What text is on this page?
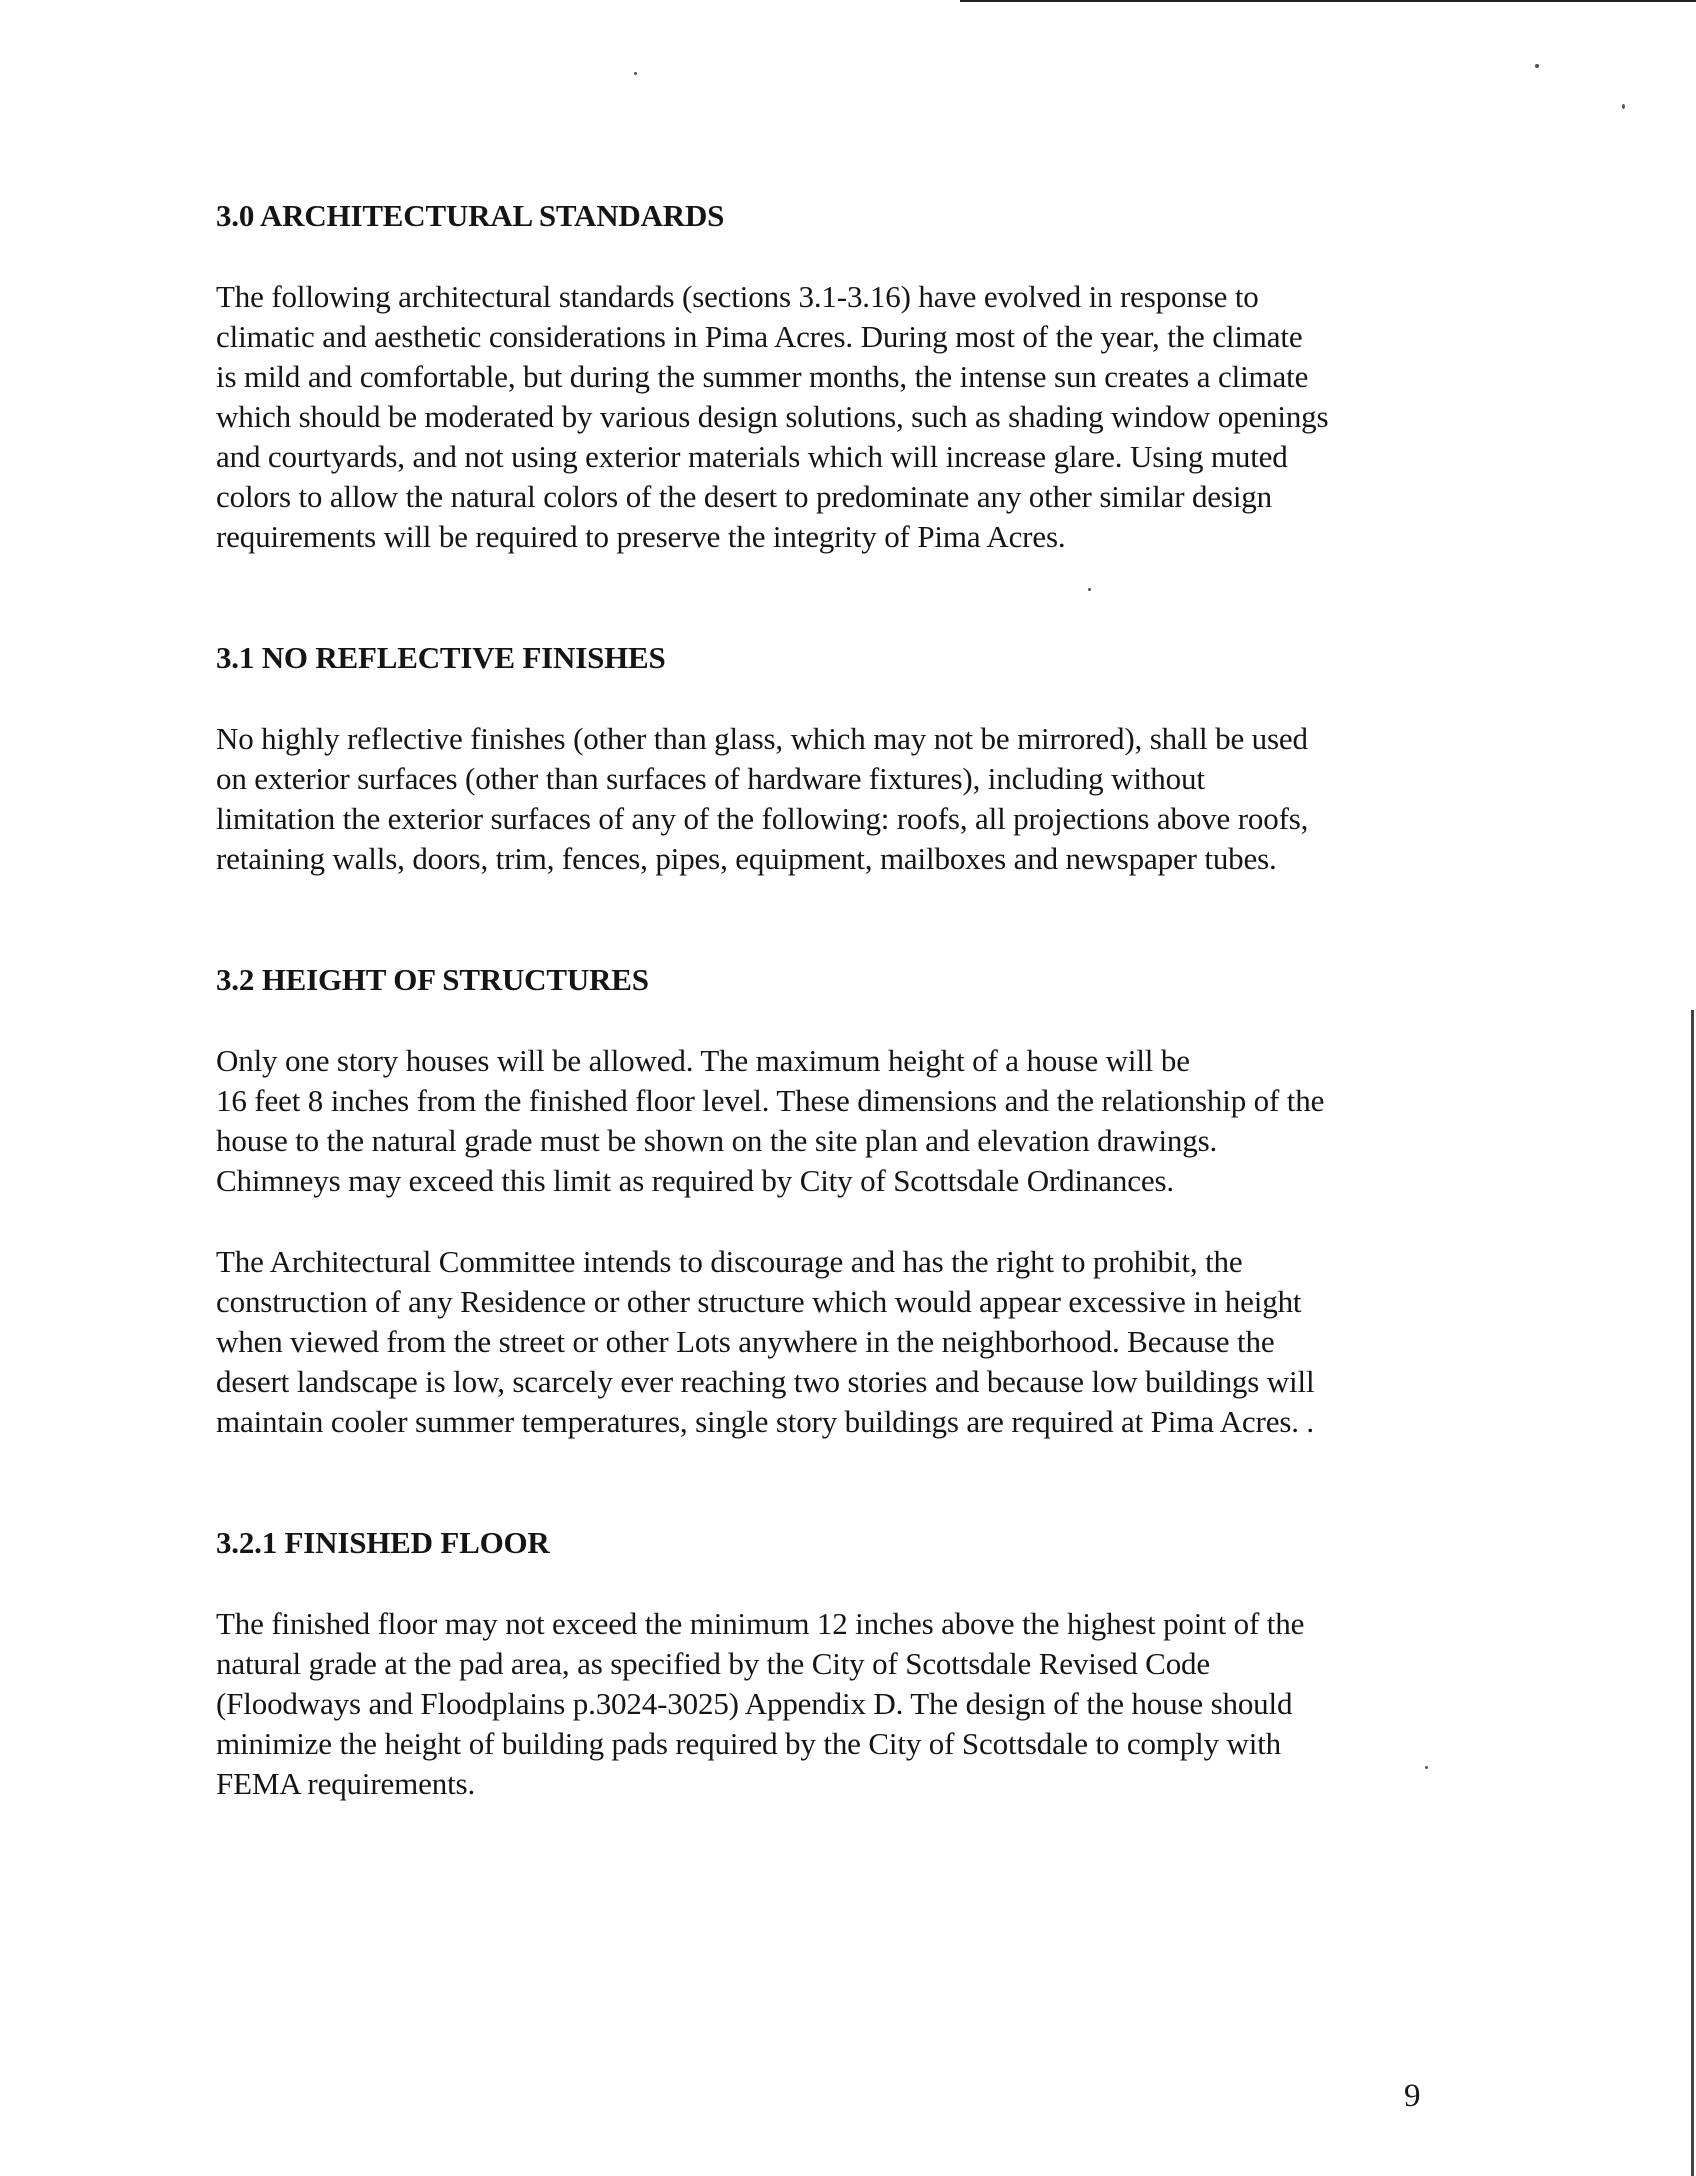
3.0 ARCHITECTURAL STANDARDS

The following architectural standards (sections 3.1-3.16) have evolved in response to
climatic and aesthetic considerations in Pima Acres. During most of the year, the climate
is mild and comfortable, but during the summer months, the intense sun creates a climate
which should be moderated by various design solutions, such as shading window openings
and courtyards, and not using exterior materials which will increase glare. Using muted
colors to allow the natural colors of the desert to predominate any other similar design
requirements will be required to preserve the integrity of Pima Acres.

3.1 NO REFLECTIVE FINISHES

No highly reflective finishes (other than glass, which may not be mirrored), shall be used
on exterior surfaces (other than surfaces of hardware fixtures), including without
limitation the exterior surfaces of any of the following: roofs, all projections above roofs,
retaining walls, doors, trim, fences, pipes, equipment, mailboxes and newspaper tubes.

3.2 HEIGHT OF STRUCTURES

Only one story houses will be allowed. The maximum height of a house will be
16 feet 8 inches from the finished floor level. These dimensions and the relationship of the
house to the natural grade must be shown on the site plan and elevation drawings.
Chimneys may exceed this limit as required by City of Scottsdale Ordinances.

The Architectural Committee intends to discourage and has the right to prohibit, the
construction of any Residence or other structure which would appear excessive in height
when viewed from the street or other Lots anywhere in the neighborhood. Because the
desert landscape is low, scarcely ever reaching two stories and because low buildings will
maintain cooler summer temperatures, single story buildings are required at Pima Acres. .

3.2.1 FINISHED FLOOR

The finished floor may not exceed the minimum 12 inches above the highest point of the
natural grade at the pad area, as specified by the City of Scottsdale Revised Code
(Floodways and Floodplains p.3024-3025) Appendix D. The design of the house should
minimize the height of building pads required by the City of Scottsdale to comply with
FEMA requirements.

9
